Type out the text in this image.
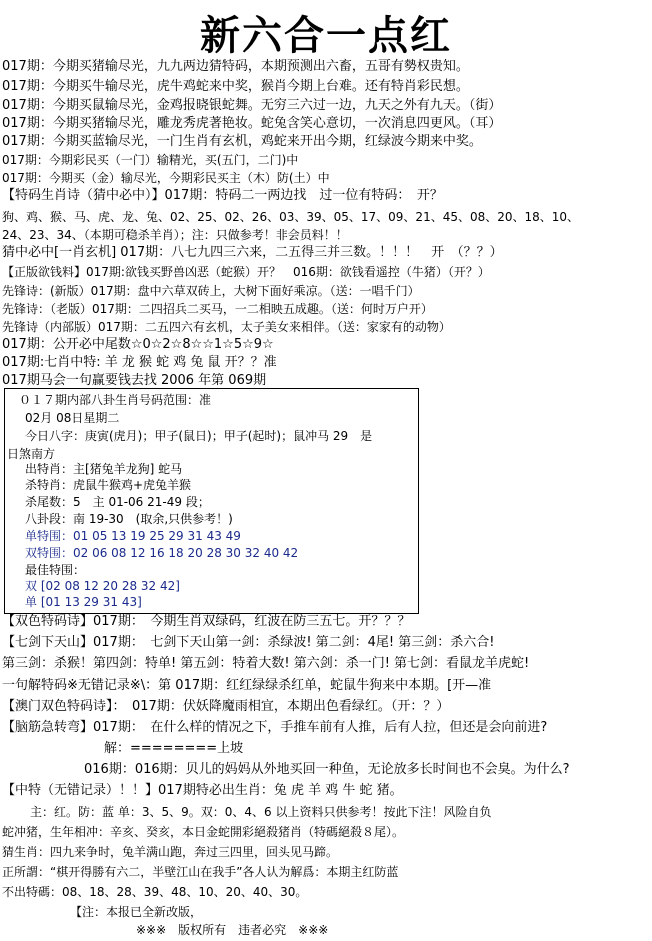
新六合一点红
017期：今期买猪输尽光，九九两边猜特码，本期预测出六畜，五哥有勢权贵知。
017期：今期买牛输尽光，虎牛鸡蛇来中奖，猴肖今期上台难。还有特肖彩民想。
017期：今期买鼠输尽光，金鸡报晓银蛇舞。无穷三六过一边，九天之外有九天。（街）
017期：今期买猪输尽光，雕龙秀虎著艳妆。蛇兔含笑心意切，一次消息四更风。（耳）
017期：今期买蓝输尽光，一门生肖有玄机，鸡蛇来开出今期，红绿波今期来中奖。
017期：今期彩民买（一门）输精光，买(五门，二门)中
017期：今期买（金）输尽光，今期彩民买主（木）防(土）中
【特码生肖诗（猜中必中）】017期：特码二一两边找　过一位有特码：　开？
狗、鸡、猴、马、虎、龙、兔、02、25、02、26、03、39、05、17、09、21、45、08、20、18、10、
24、23、34、（本期可稳杀羊肖）；注：只做参考！非会员料！！
猜中必中[一肖玄机] 017期：八七九四三六来，二五得三并三数。！！！　开　（？？）
【正版欲钱料】017期:欲钱买野兽凶恶（蛇猴）开？　016期：欲钱看遥控（牛猪）（开？）
先锋诗：(新版）017期：盘中六草双砖上，大树下面好乘凉。（送：一唱千门）
先锋诗：（老版）017期：二四招兵二买马，一二相映五成趣。（送：何时万户开）
先锋诗（内部版）017期：二五四六有玄机，太子美女来相伴。（送：家家有的动物）
017期：公开必中尾数☆0☆2☆8☆☆1☆5☆9☆
017期:七肖中特: 羊 龙 猴 蛇 鸡 兔 鼠 开？？准
017期马会一句赢要钱去找 2006 年第 069期
０１７期内部八卦生肖号码范围：准
02月 08日星期二
今日八字：庚寅(虎月)；甲子(鼠日)；甲子(起时)；鼠冲马 29　是
日煞南方
出特肖：主[猪兔羊龙狗] 蛇马
杀特肖：虎鼠牛猴鸡+虎兔羊猴
杀尾数：5　主 01-06 21-49 段；
八卦段：南 19-30　(取余,只供参考！)
单特围：01 05 13 19 25 29 31 43 49
双特围：02 06 08 12 16 18 20 28 30 32 40 42
最佳特围：
双 [02 08 12 20 28 32 42]
单 [01 13 29 31 43]
【双色特码诗】017期：　今期生肖双绿码，红波在防三五七。开？？？
【七剑下天山】017期：　七剑下天山第一剑：杀绿波! 第二剑：4尾! 第三剑：杀六合!
第三剑：杀猴！第四剑：特单! 第五剑：特着大数! 第六剑：杀一门! 第七剑：看鼠龙羊虎蛇!
一句解特码※无错记录※\：第 017期：红红绿绿杀红单，蛇鼠牛狗来中本期。[开—准
【澳门双色特码诗】：　017期：伏妖降魔雨相宜，本期出色看绿红。（开：？）
【脑筋急转弯】017期：　在什么样的情况之下，手推车前有人推，后有人拉，但还是会向前进?
解：========上坡
016期：016期：贝儿的妈妈从外地买回一种鱼，无论放多长时间也不会臭。为什么?
【中特（无错记录）！！】017期特必出生肖：兔 虎 羊 鸡 牛 蛇 猪。
主：红。防：蓝 单：3、5、9。双：0、4、6 以上资料只供参考！按此下注！风险自负
蛇冲猪，生年相冲：辛亥、癸亥，本日金蛇開彩絕殺猪肖（特碼絕殺８尾）。
猜生肖：四九来争时，兔羊满山跑，奔过三四里，回头见马蹄。
正所謂：“棋开得勝有六二，半壁江山在我手”各人认为解爲：本期主红防蓝
不出特碼：08、18、28、39、48、10、20、40、30。
【注：本报已全新改版，
※※※　版权所有　违者必究　※※※
